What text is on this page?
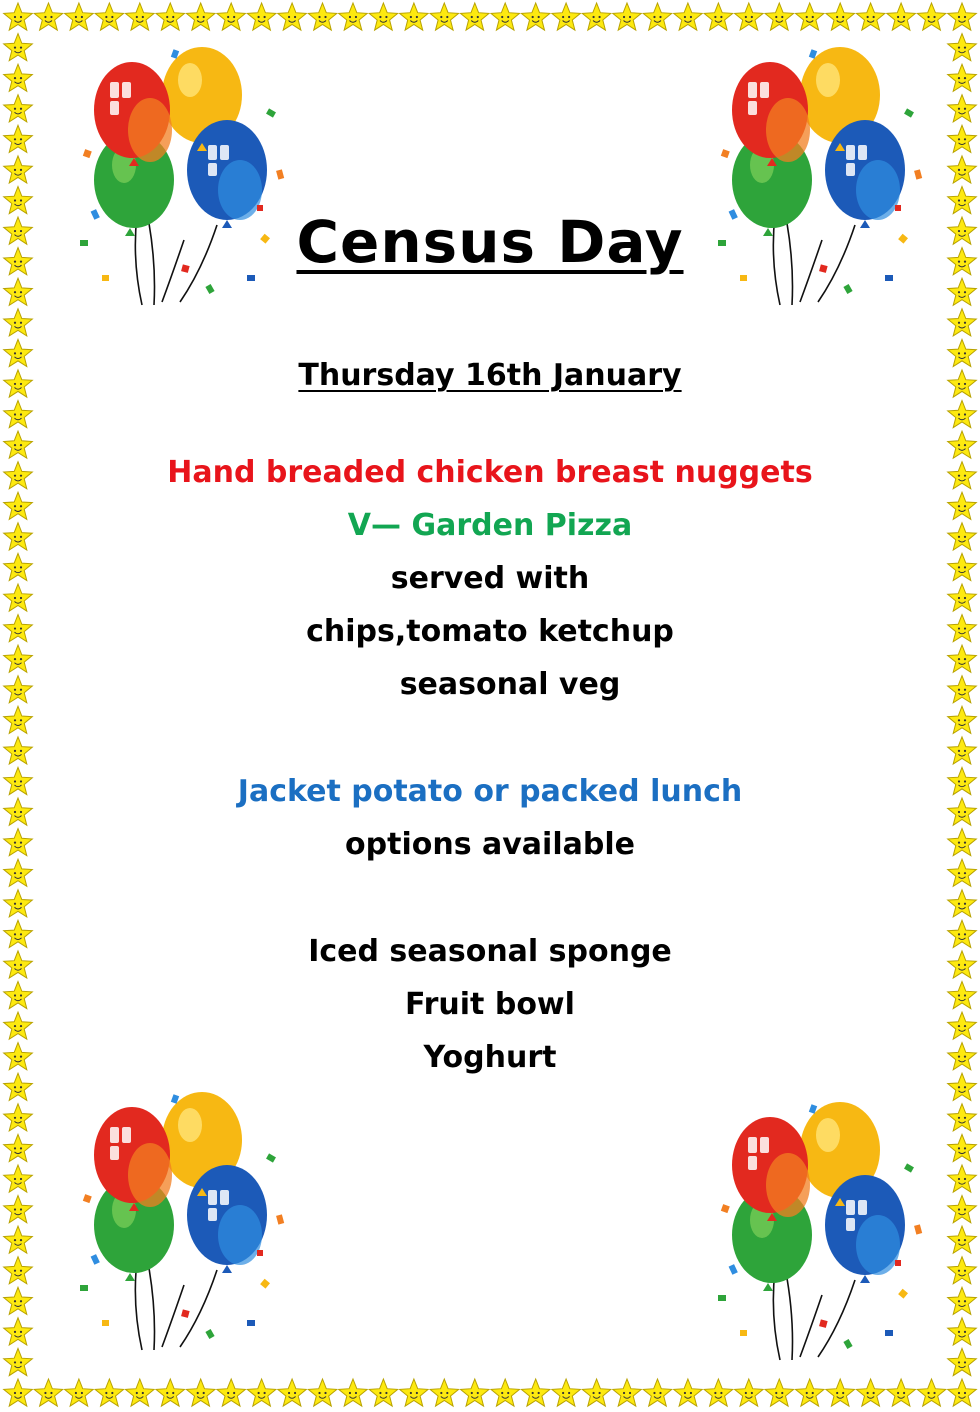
Census Day
Thursday 16th January
Hand breaded chicken breast nuggets
V— Garden Pizza
served with
chips,tomato ketchup
seasonal veg
Jacket potato or packed lunch
options available
Iced seasonal sponge
Fruit bowl
Yoghurt
